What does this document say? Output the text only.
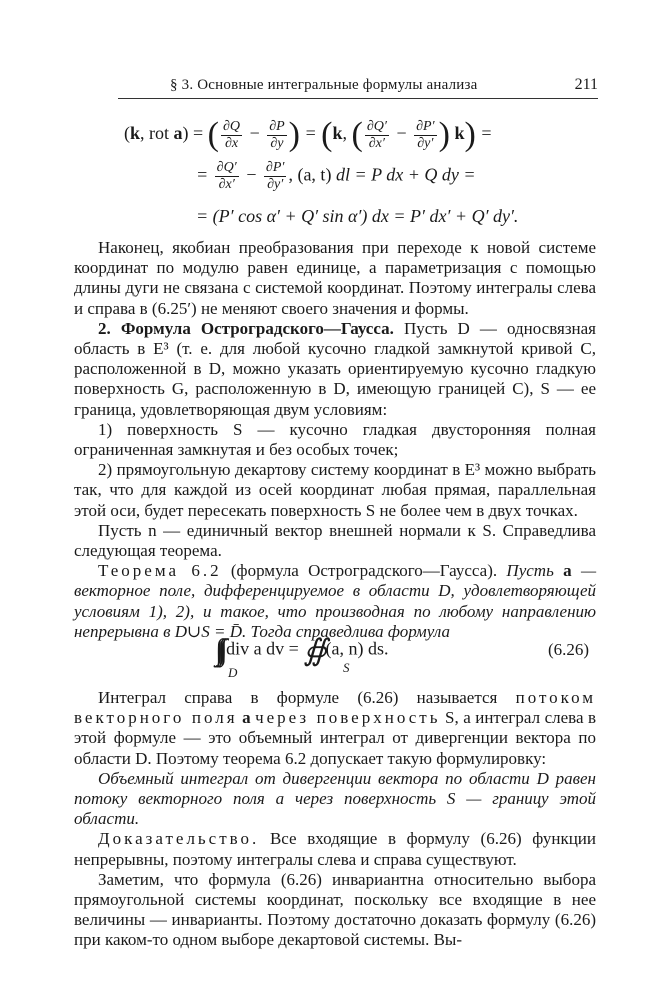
§ 3. Основные интегральные формулы анализа	211
(k, rot a) = ( $\frac{\partial Q}{\partial x} - \frac{\partial P}{\partial y}$ ) = (k, ( $\frac{\partial Q'}{\partial x'} - \frac{\partial P'}{\partial y'}$ ) k) =
= $\frac{\partial Q'}{\partial x'} - \frac{\partial P'}{\partial y'}$ , (a, t) dl = P dx + Q dy =
= (P′ cos α′ + Q′ sin α′) dx = P′ dx′ + Q′ dy′.

Наконец, якобиан преобразования при переходе к новой системе координат по модулю равен единице, а параметризация с помощью длины дуги не связана с системой координат. Поэтому интегралы слева и справа в (6.25′) не меняют своего значения и формы.

2. Формула Остроградского—Гаусса. Пусть D — односвязная область в E³ (т. е. для любой кусочно гладкой замкнутой кривой C, расположенной в D, можно указать ориентируемую кусочно гладкую поверхность G, расположенную в D, имеющую границей C), S — ее граница, удовлетворяющая двум условиям:

1) поверхность S — кусочно гладкая двусторонняя полная ограниченная замкнутая и без особых точек;

2) прямоугольную декартову систему координат в E³ можно выбрать так, что для каждой из осей координат любая прямая, параллельная этой оси, будет пересекать поверхность S не более чем в двух точках.

Пусть n — единичный вектор внешней нормали к S. Справедлива следующая теорема.

Теорема 6.2 (формула Остроградского—Гаусса). Пусть a — векторное поле, дифференцируемое в области D, удовлетворяющей условиям 1), 2), и такое, что производная по любому направлению непрерывна в D∪S = D̄. Тогда справедлива формула

∫∫∫ div a dv = ∯ (a, n) ds.
D	S
(6.26)

Интеграл справа в формуле (6.26) называется потоком векторного поля a через поверхность S, а интеграл слева в этой формуле — это объемный интеграл от дивергенции вектора по области D. Поэтому теорема 6.2 допускает такую формулировку:

Объемный интеграл от дивергенции вектора по области D равен потоку векторного поля a через поверхность S — границу этой области.

Доказательство. Все входящие в формулу (6.26) функции непрерывны, поэтому интегралы слева и справа существуют.

Заметим, что формула (6.26) инвариантна относительно выбора прямоугольной системы координат, поскольку все входящие в нее величины — инварианты. Поэтому достаточно доказать формулу (6.26) при каком-то одном выборе декартовой системы. Вы-
